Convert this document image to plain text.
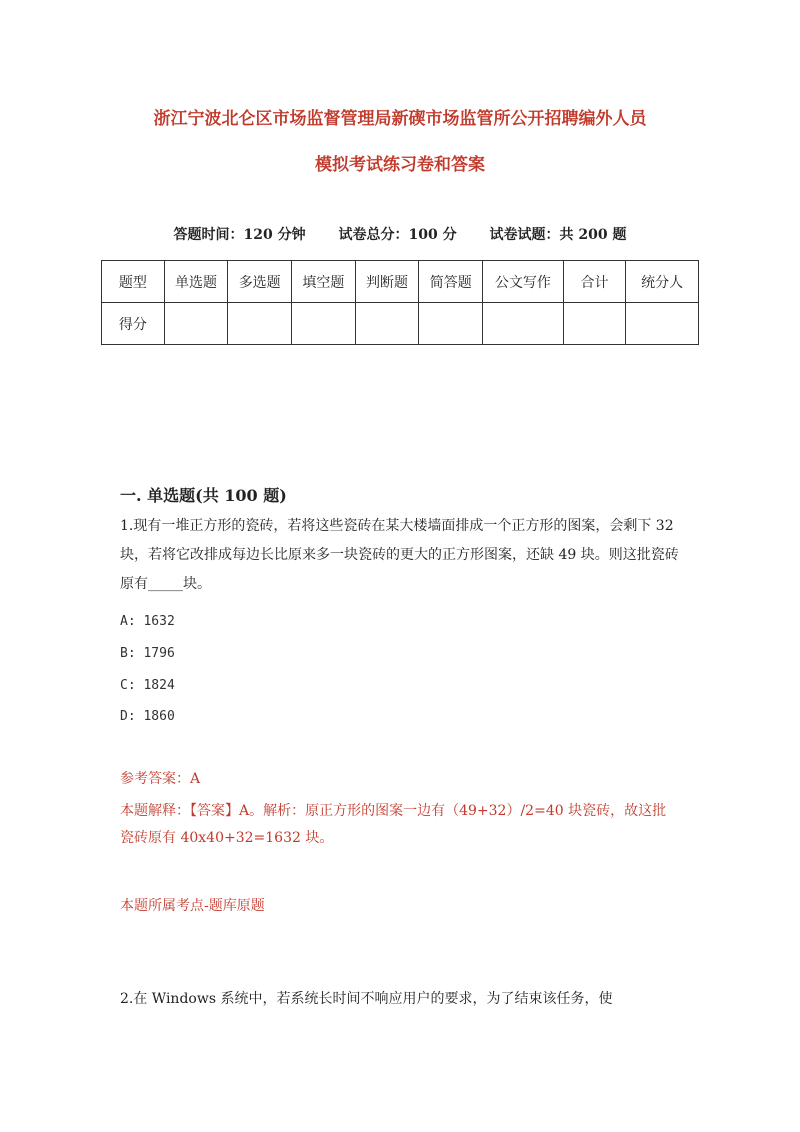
浙江宁波北仑区市场监督管理局新碶市场监管所公开招聘编外人员
模拟考试练习卷和答案
答题时间：120 分钟 试卷总分：100 分 试卷试题：共 200 题
题型	单选题	多选题	填空题	判断题	简答题	公文写作	合计	统分人
得分								
一. 单选题(共 100 题)
1.现有一堆正方形的瓷砖，若将这些瓷砖在某大楼墙面排成一个正方形的图案，会剩下 32 块，若将它改排成每边长比原来多一块瓷砖的更大的正方形图案，还缺 49 块。则这批瓷砖原有_____块。
A: 1632
B: 1796
C: 1824
D: 1860
参考答案：A
本题解释：【答案】A。解析：原正方形的图案一边有（49+32）/2=40 块瓷砖，故这批瓷砖原有 40x40+32=1632 块。
本题所属考点-题库原题
2.在 Windows 系统中，若系统长时间不响应用户的要求，为了结束该任务，使
